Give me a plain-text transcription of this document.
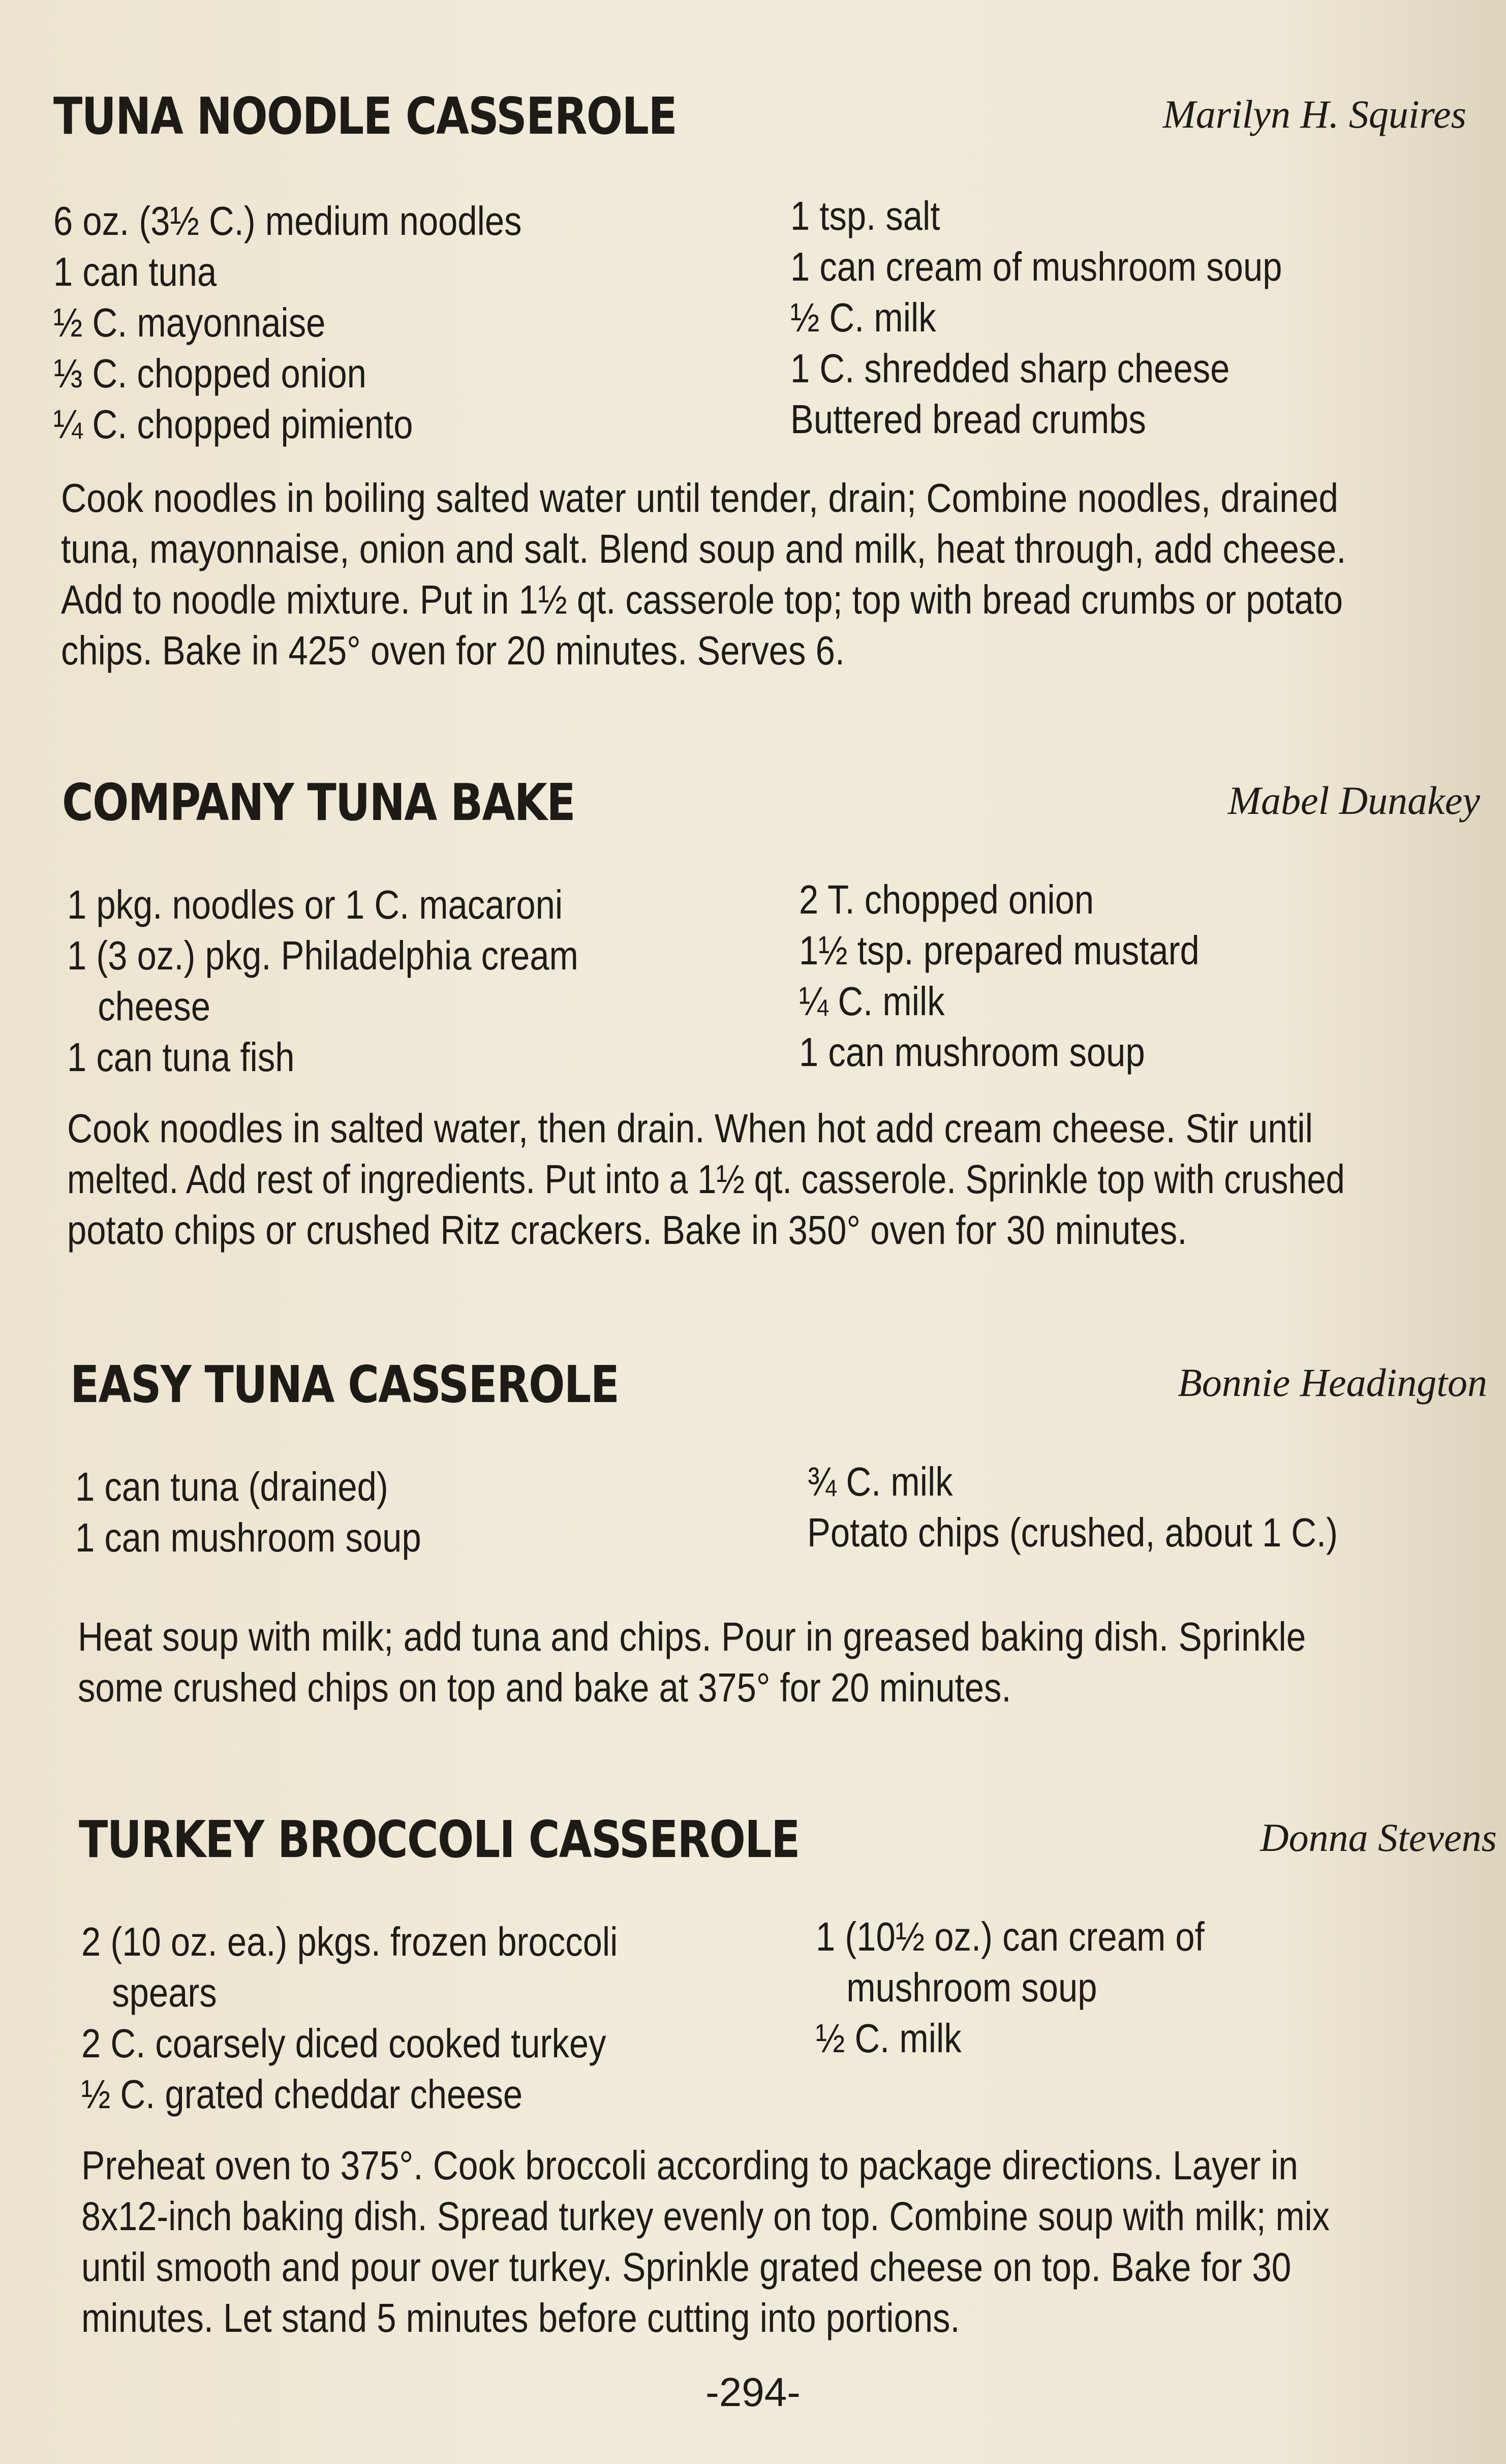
TUNA NOODLE CASSEROLE	Marilyn H. Squires
6 oz. (3½ C.) medium noodles
1 can tuna
½ C. mayonnaise
⅓ C. chopped onion
¼ C. chopped pimiento
1 tsp. salt
1 can cream of mushroom soup
½ C. milk
1 C. shredded sharp cheese
Buttered bread crumbs
Cook noodles in boiling salted water until tender, drain; Combine noodles, drained
tuna, mayonnaise, onion and salt. Blend soup and milk, heat through, add cheese.
Add to noodle mixture. Put in 1½ qt. casserole top; top with bread crumbs or potato
chips. Bake in 425° oven for 20 minutes. Serves 6.
COMPANY TUNA BAKE	Mabel Dunakey
1 pkg. noodles or 1 C. macaroni
1 (3 oz.) pkg. Philadelphia cream
cheese
1 can tuna fish
2 T. chopped onion
1½ tsp. prepared mustard
¼ C. milk
1 can mushroom soup
Cook noodles in salted water, then drain. When hot add cream cheese. Stir until
melted. Add rest of ingredients. Put into a 1½ qt. casserole. Sprinkle top with crushed
potato chips or crushed Ritz crackers. Bake in 350° oven for 30 minutes.
EASY TUNA CASSEROLE	Bonnie Headington
1 can tuna (drained)
1 can mushroom soup
¾ C. milk
Potato chips (crushed, about 1 C.)
Heat soup with milk; add tuna and chips. Pour in greased baking dish. Sprinkle
some crushed chips on top and bake at 375° for 20 minutes.
TURKEY BROCCOLI CASSEROLE	Donna Stevens
2 (10 oz. ea.) pkgs. frozen broccoli
spears
2 C. coarsely diced cooked turkey
½ C. grated cheddar cheese
1 (10½ oz.) can cream of
mushroom soup
½ C. milk
Preheat oven to 375°. Cook broccoli according to package directions. Layer in
8x12-inch baking dish. Spread turkey evenly on top. Combine soup with milk; mix
until smooth and pour over turkey. Sprinkle grated cheese on top. Bake for 30
minutes. Let stand 5 minutes before cutting into portions.
-294-
